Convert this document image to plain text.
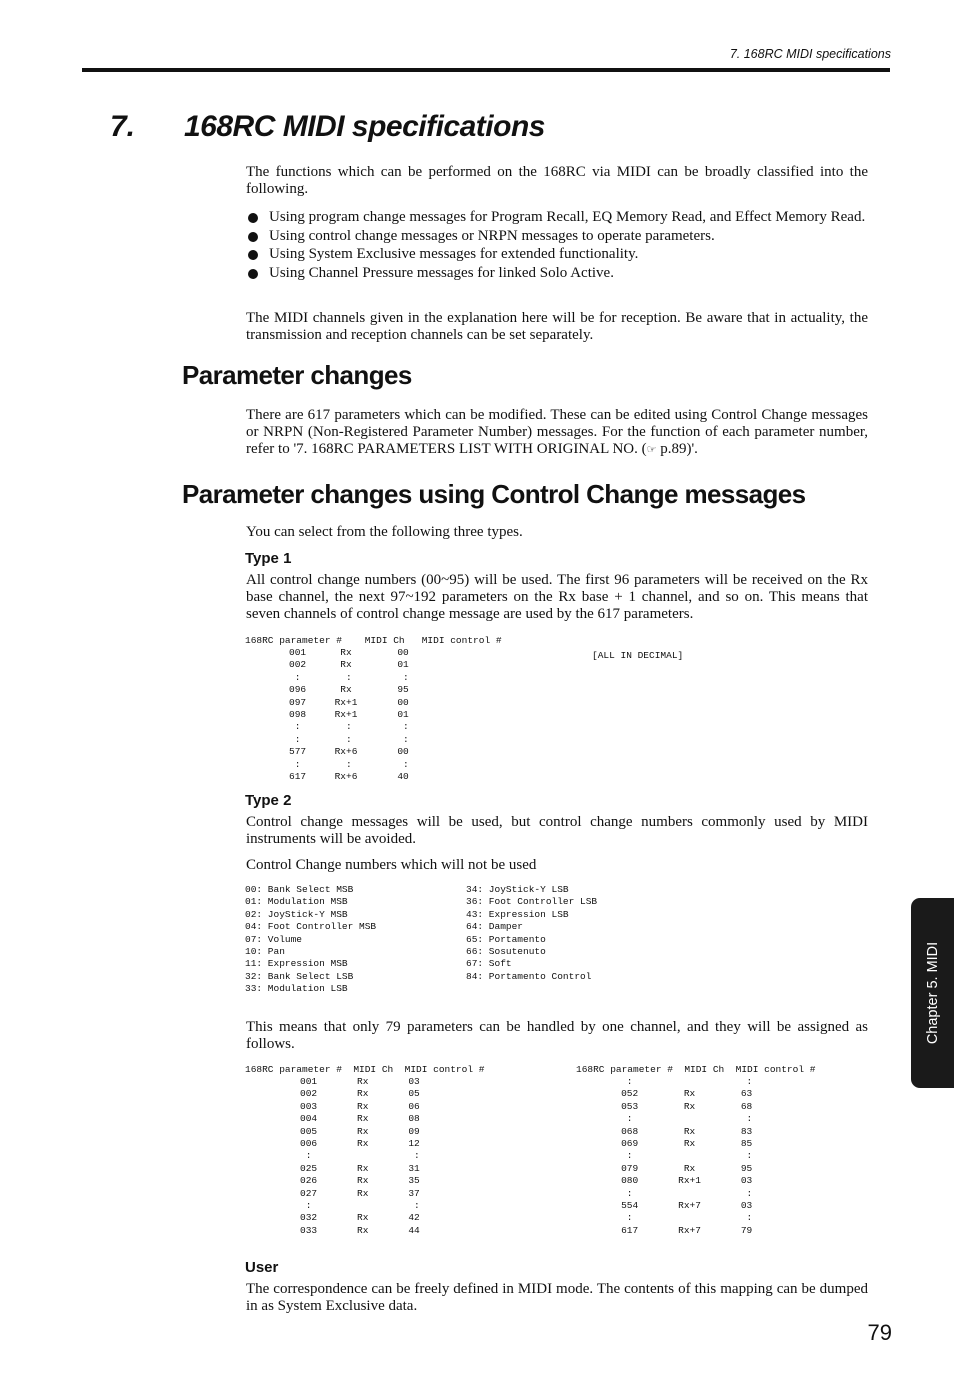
7. 168RC MIDI specifications
7. 168RC MIDI specifications

The functions which can be performed on the 168RC via MIDI can be broadly classified into the following.

Using program change messages for Program Recall, EQ Memory Read, and Effect Memory Read.
Using control change messages or NRPN messages to operate parameters.
Using System Exclusive messages for extended functionality.
Using Channel Pressure messages for linked Solo Active.

The MIDI channels given in the explanation here will be for reception. Be aware that in actuality, the transmission and reception channels can be set separately.

Parameter changes

There are 617 parameters which can be modified. These can be edited using Control Change messages or NRPN (Non-Registered Parameter Number) messages. For the function of each parameter number, refer to '7. 168RC PARAMETERS LIST WITH ORIGINAL NO. (☞ p.89)'.

Parameter changes using Control Change messages

You can select from the following three types.

Type 1

All control change numbers (00~95) will be used. The first 96 parameters will be received on the Rx base channel, the next 97~192 parameters on the Rx base + 1 channel, and so on. This means that seven channels of control change message are used by the 617 parameters.

168RC parameter #    MIDI Ch   MIDI control #
[ALL IN DECIMAL]
001      Rx        00
002      Rx        01
:        :         :
096      Rx        95
097     Rx+1       00
098     Rx+1       01
:        :         :
:        :         :
577     Rx+6       00
:        :         :
617     Rx+6       40
Type 2

Control change messages will be used, but control change numbers commonly used by MIDI instruments will be avoided.

Control Change numbers which will not be used

00: Bank Select MSB
01: Modulation MSB
02: JoyStick-Y MSB
04: Foot Controller MSB
07: Volume
10: Pan
11: Expression MSB
32: Bank Select LSB
33: Modulation LSB
34: JoyStick-Y LSB
36: Foot Controller LSB
43: Expression LSB
64: Damper
65: Portamento
66: Sosutenuto
67: Soft
84: Portamento Control

This means that only 79 parameters can be handled by one channel, and they will be assigned as follows.

168RC parameter #  MIDI Ch  MIDI control #
001       Rx       03
002       Rx       05
003       Rx       06
004       Rx       08
005       Rx       09
006       Rx       12
:                  :
025       Rx       31
026       Rx       35
027       Rx       37
:                  :
032       Rx       42
033       Rx       44
168RC parameter #  MIDI Ch  MIDI control #
:                    :
052        Rx        63
053        Rx        68
:                    :
068        Rx        83
069        Rx        85
:                    :
079        Rx        95
080       Rx+1       03
:                    :
554       Rx+7       03
:                    :
617       Rx+7       79
User

The correspondence can be freely defined in MIDI mode. The contents of this mapping can be dumped in as System Exclusive data.

Chapter 5. MIDI
79
